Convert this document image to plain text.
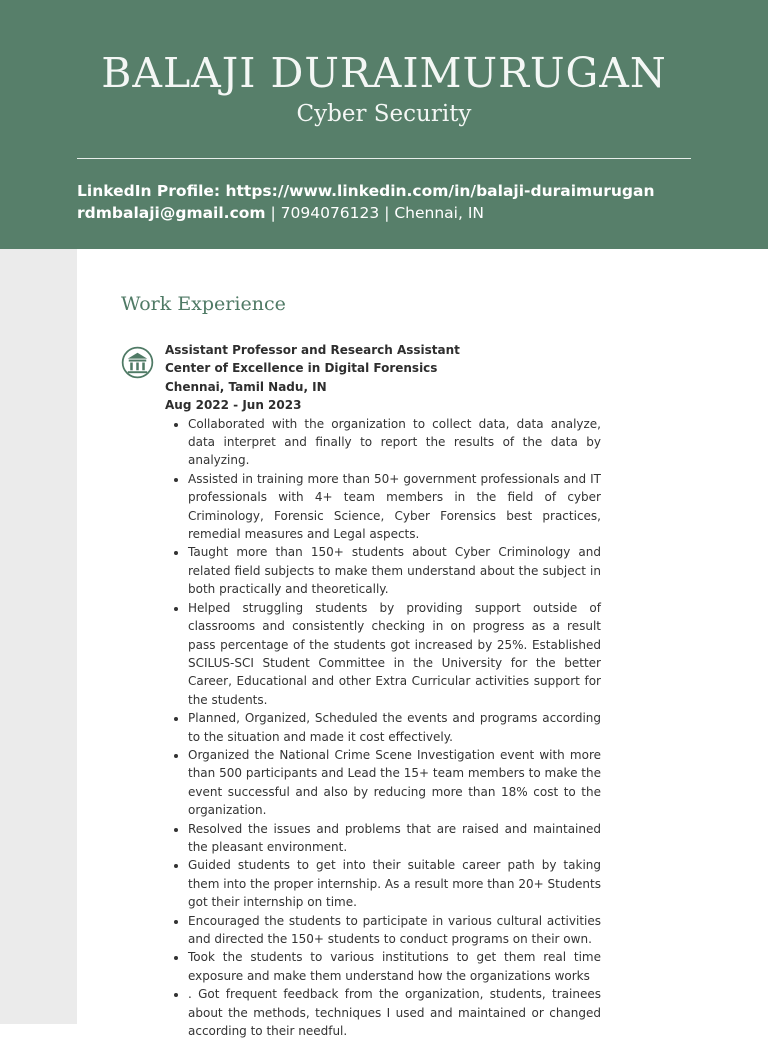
BALAJI DURAIMURUGAN
Cyber Security
LinkedIn Profile: https://www.linkedin.com/in/balaji-duraimurugan
rdmbalaji@gmail.com | 7094076123 | Chennai, IN
Work Experience
Assistant Professor and Research Assistant
Center of Excellence in Digital Forensics
Chennai, Tamil Nadu, IN
Aug 2022 - Jun 2023
• Collaborated with the organization to collect data, data analyze, data interpret and finally to report the results of the data by analyzing.
• Assisted in training more than 50+ government professionals and IT professionals with 4+ team members in the field of cyber Criminology, Forensic Science, Cyber Forensics best practices, remedial measures and Legal aspects.
• Taught more than 150+ students about Cyber Criminology and related field subjects to make them understand about the subject in both practically and theoretically.
• Helped struggling students by providing support outside of classrooms and consistently checking in on progress as a result pass percentage of the students got increased by 25%. Established SCILUS-SCI Student Committee in the University for the better Career, Educational and other Extra Curricular activities support for the students.
• Planned, Organized, Scheduled the events and programs according to the situation and made it cost effectively.
• Organized the National Crime Scene Investigation event with more than 500 participants and Lead the 15+ team members to make the event successful and also by reducing more than 18% cost to the organization.
• Resolved the issues and problems that are raised and maintained the pleasant environment.
• Guided students to get into their suitable career path by taking them into the proper internship. As a result more than 20+ Students got their internship on time.
• Encouraged the students to participate in various cultural activities and directed the 150+ students to conduct programs on their own.
• Took the students to various institutions to get them real time exposure and make them understand how the organizations works
• . Got frequent feedback from the organization, students, trainees about the methods, techniques I used and maintained or changed according to their needful.
